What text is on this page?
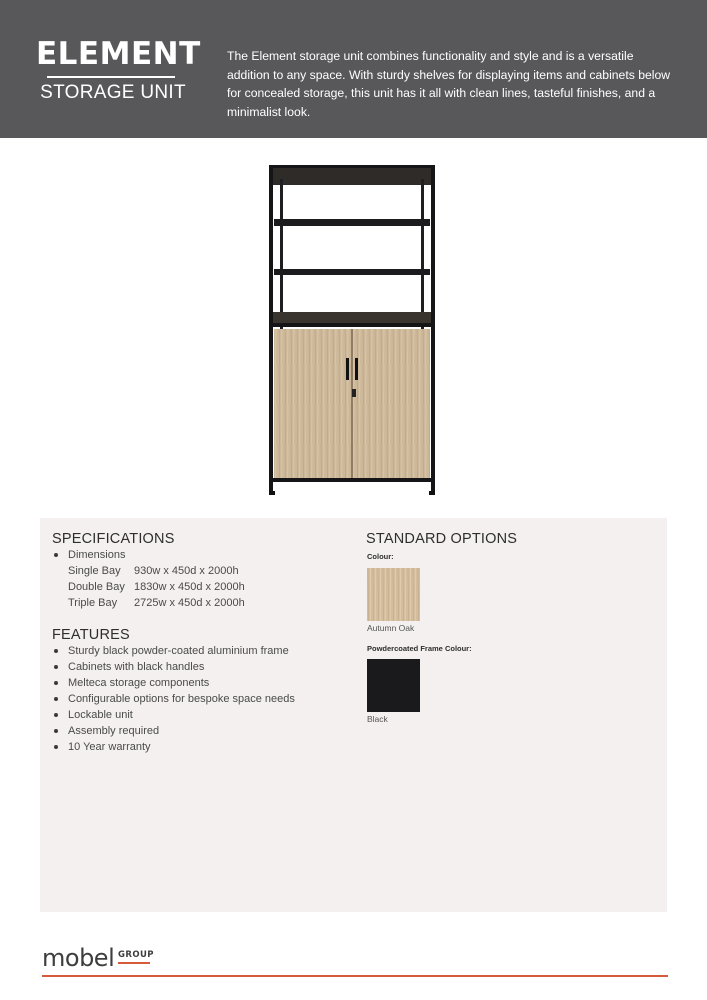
ELEMENT
STORAGE UNIT
The Element storage unit combines functionality and style and is a versatile addition to any space. With sturdy shelves for displaying items and cabinets below for concealed storage, this unit has it all with clean lines, tasteful finishes, and a minimalist look.
SPECIFICATIONS
Dimensions
Single Bay 930w x 450d x 2000h
Double Bay 1830w x 450d x 2000h
Triple Bay 2725w x 450d x 2000h
FEATURES
Sturdy black powder-coated aluminium frame
Cabinets with black handles
Melteca storage components
Configurable options for bespoke space needs
Lockable unit
Assembly required
10 Year warranty
STANDARD OPTIONS
Colour:
Autumn Oak
Powdercoated Frame Colour:
Black
mobel GROUP
